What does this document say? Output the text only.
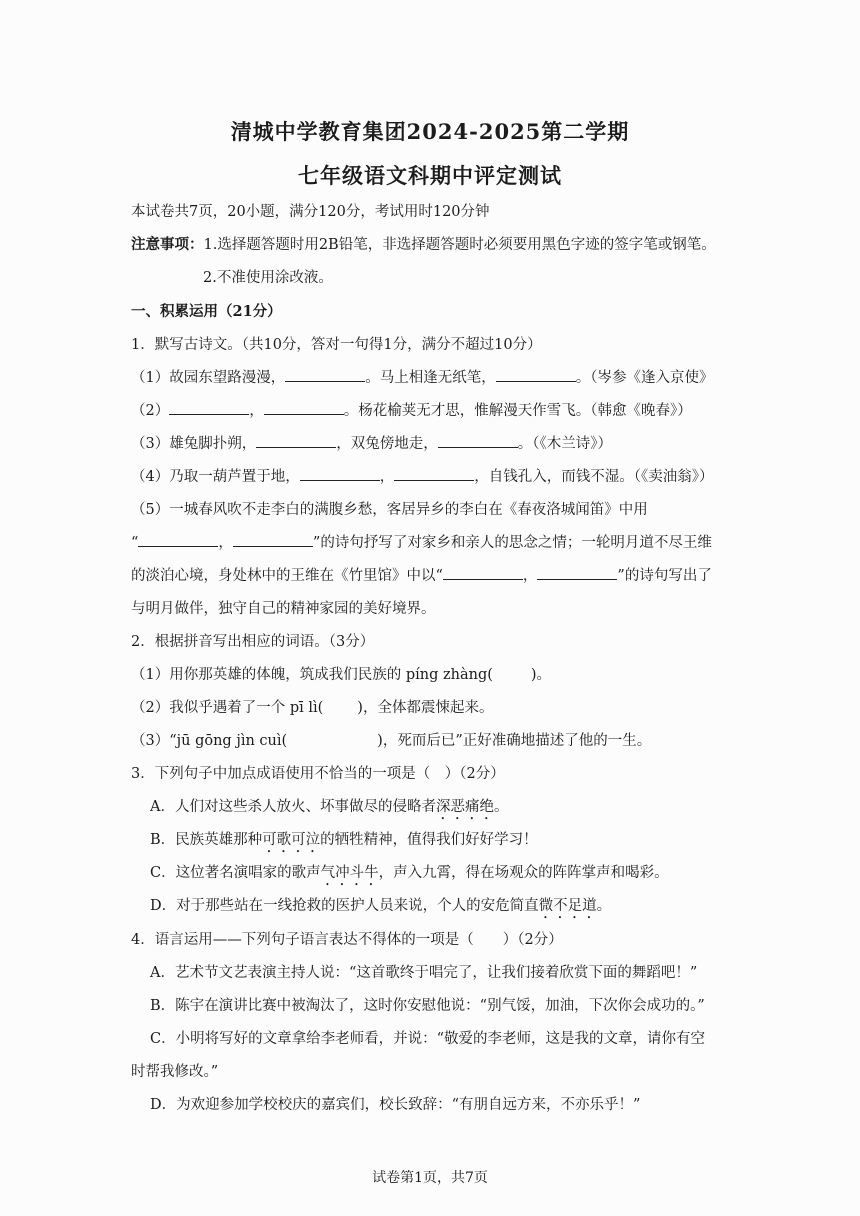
清城中学教育集团2024-2025第二学期
七年级语文科期中评定测试
本试卷共7页，20小题，满分120分，考试用时120分钟
注意事项：1.选择题答题时用2B铅笔，非选择题答题时必须要用黑色字迹的签字笔或钢笔。
2.不准使用涂改液。
一、积累运用（21分）
1．默写古诗文。（共10分，答对一句得1分，满分不超过10分）
（1）故园东望路漫漫，	。马上相逢无纸笔，	。（岑参《逢入京使》
（2）	，	。杨花榆荚无才思，惟解漫天作雪飞。（韩愈《晚春》）
（3）雄兔脚扑朔，	，双兔傍地走，	。（《木兰诗》）
（4）乃取一葫芦置于地，	，	，自钱孔入，而钱不湿。（《卖油翁》）
（5）一城春风吹不走李白的满腹乡愁，客居异乡的李白在《春夜洛城闻笛》中用
“	，	”的诗句抒写了对家乡和亲人的思念之情；一轮明月道不尽王维
的淡泊心境，身处林中的王维在《竹里馆》中以“	，	”的诗句写出了
与明月做伴，独守自己的精神家园的美好境界。
2．根据拼音写出相应的词语。（3分）
（1）用你那英雄的体魄，筑成我们民族的 píng zhàng(	)。
（2）我似乎遇着了一个 pī lì( )，全体都震悚起来。
（3）“jū gōng jìn cuì(	)，死而后已”正好准确地描述了他的一生。
3．下列句子中加点成语使用不恰当的一项是（　）（2分）
A．人们对这些杀人放火、坏事做尽的侵略者深恶痛绝。
B．民族英雄那种可歌可泣的牺牲精神，值得我们好好学习！
C．这位著名演唱家的歌声气冲斗牛，声入九霄，得在场观众的阵阵掌声和喝彩。
D．对于那些站在一线抢救的医护人员来说，个人的安危简直微不足道。
4．语言运用——下列句子语言表达不得体的一项是（　　）（2分）
A．艺术节文艺表演主持人说：“这首歌终于唱完了，让我们接着欣赏下面的舞蹈吧！”
B．陈宇在演讲比赛中被淘汰了，这时你安慰他说：“别气馁，加油，下次你会成功的。”
C．小明将写好的文章拿给李老师看，并说：“敬爱的李老师，这是我的文章，请你有空
时帮我修改。”
D．为欢迎参加学校校庆的嘉宾们，校长致辞：“有朋自远方来，不亦乐乎！”
试卷第1页，共7页
